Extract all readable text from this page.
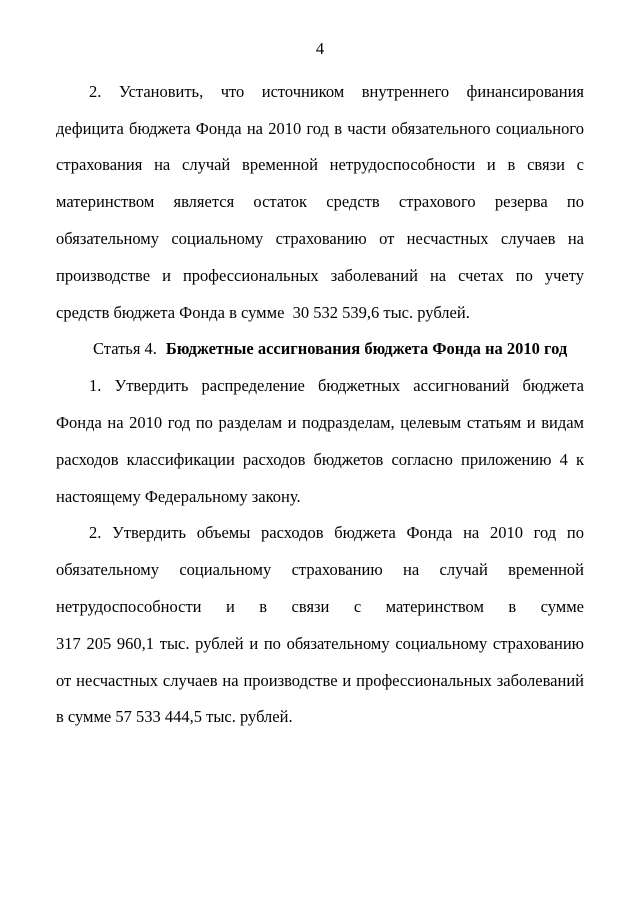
4
2. Установить, что источником внутреннего финансирования
дефицита бюджета Фонда на 2010 год в части обязательного социального
страхования на случай временной нетрудоспособности и в связи с
материнством является остаток средств страхового резерва по
обязательному социальному страхованию от несчастных случаев на
производстве и профессиональных заболеваний на счетах по учету
средств бюджета Фонда в сумме  30 532 539,6 тыс. рублей.
Статья 4. Бюджетные ассигнования бюджета Фонда на 2010 год
1. Утвердить распределение бюджетных ассигнований бюджета
Фонда на 2010 год по разделам и подразделам, целевым статьям и видам
расходов классификации расходов бюджетов согласно приложению 4 к
настоящему Федеральному закону.
2. Утвердить объемы расходов бюджета Фонда на 2010 год по
обязательному социальному страхованию на случай временной
нетрудоспособности и в связи с материнством в сумме
317 205 960,1 тыс. рублей и по обязательному социальному страхованию
от несчастных случаев на производстве и профессиональных заболеваний
в сумме 57 533 444,5 тыс. рублей.
